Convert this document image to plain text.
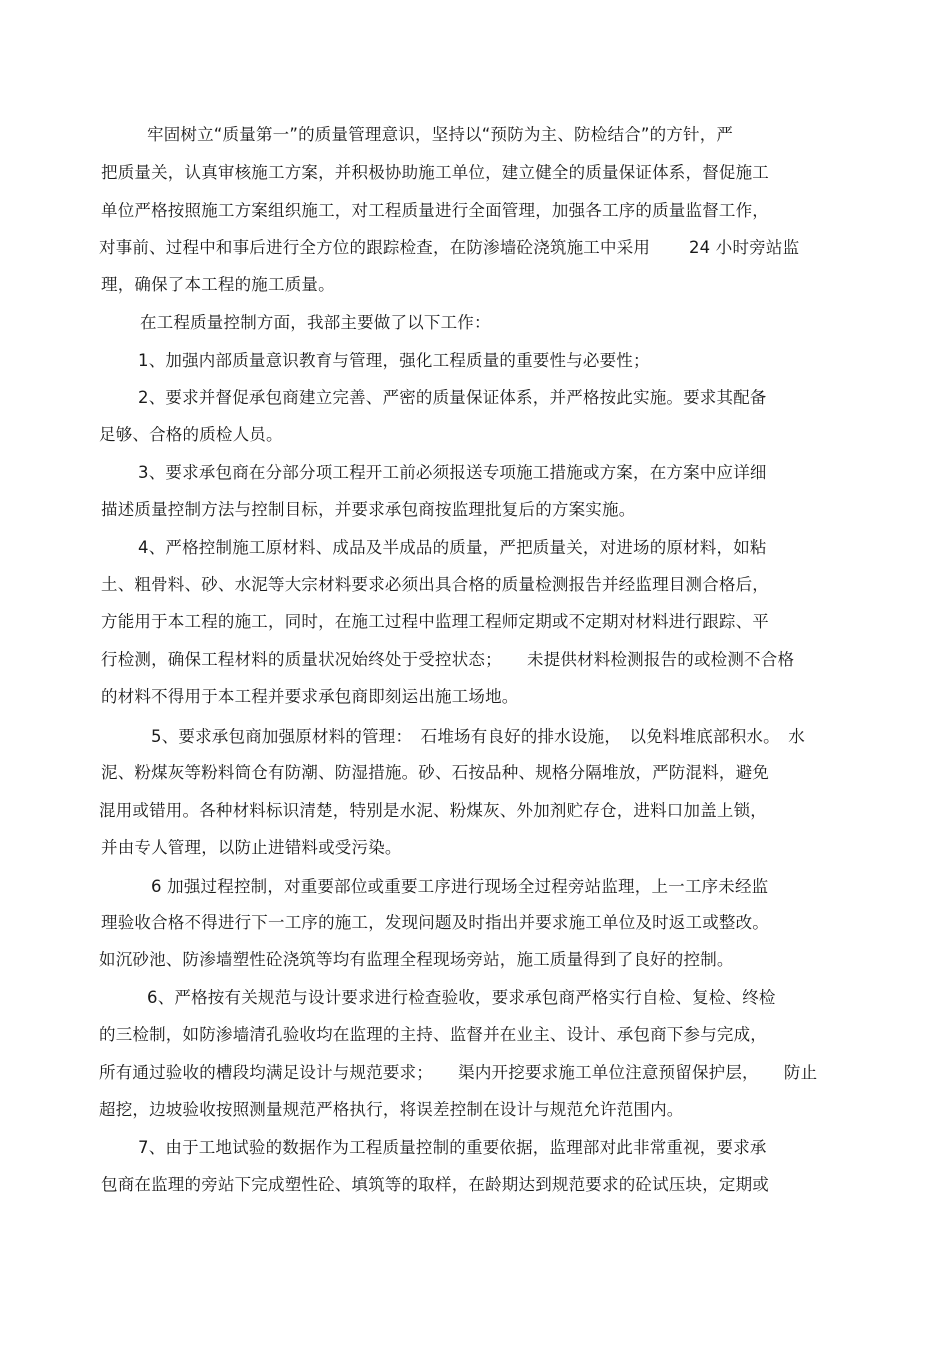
牢固树立“质量第一”的质量管理意识，坚持以“预防为主、防检结合”的方针，严
把质量关，认真审核施工方案，并积极协助施工单位，建立健全的质量保证体系，督促施工
单位严格按照施工方案组织施工，对工程质量进行全面管理，加强各工序的质量监督工作，
对事前、过程中和事后进行全方位的跟踪检查，在防渗墙砼浇筑施工中采用　　 24 小时旁站监
理，确保了本工程的施工质量。
在工程质量控制方面，我部主要做了以下工作：
1、加强内部质量意识教育与管理，强化工程质量的重要性与必要性；
2、要求并督促承包商建立完善、严密的质量保证体系，并严格按此实施。要求其配备
足够、合格的质检人员。
3、要求承包商在分部分项工程开工前必须报送专项施工措施或方案，在方案中应详细
描述质量控制方法与控制目标，并要求承包商按监理批复后的方案实施。
4、严格控制施工原材料、成品及半成品的质量，严把质量关，对进场的原材料，如粘
土、粗骨料、砂、水泥等大宗材料要求必须出具合格的质量检测报告并经监理目测合格后，
方能用于本工程的施工，同时，在施工过程中监理工程师定期或不定期对材料进行跟踪、平
行检测，确保工程材料的质量状况始终处于受控状态；　　未提供材料检测报告的或检测不合格
的材料不得用于本工程并要求承包商即刻运出施工场地。
5、要求承包商加强原材料的管理：　石堆场有良好的排水设施，　以免料堆底部积水。　水
泥、粉煤灰等粉料筒仓有防潮、防湿措施。砂、石按品种、规格分隔堆放，严防混料，避免
混用或错用。各种材料标识清楚，特别是水泥、粉煤灰、外加剂贮存仓，进料口加盖上锁，
并由专人管理，以防止进错料或受污染。
6 加强过程控制，对重要部位或重要工序进行现场全过程旁站监理，上一工序未经监
理验收合格不得进行下一工序的施工，发现问题及时指出并要求施工单位及时返工或整改。
如沉砂池、防渗墙塑性砼浇筑等均有监理全程现场旁站，施工质量得到了良好的控制。
6、严格按有关规范与设计要求进行检查验收，要求承包商严格实行自检、复检、终检
的三检制，如防渗墙清孔验收均在监理的主持、监督并在业主、设计、承包商下参与完成，
所有通过验收的槽段均满足设计与规范要求；　　渠内开挖要求施工单位注意预留保护层，　　防止
超挖，边坡验收按照测量规范严格执行，将误差控制在设计与规范允许范围内。
7、由于工地试验的数据作为工程质量控制的重要依据，监理部对此非常重视，要求承
包商在监理的旁站下完成塑性砼、填筑等的取样，在龄期达到规范要求的砼试压块，定期或
